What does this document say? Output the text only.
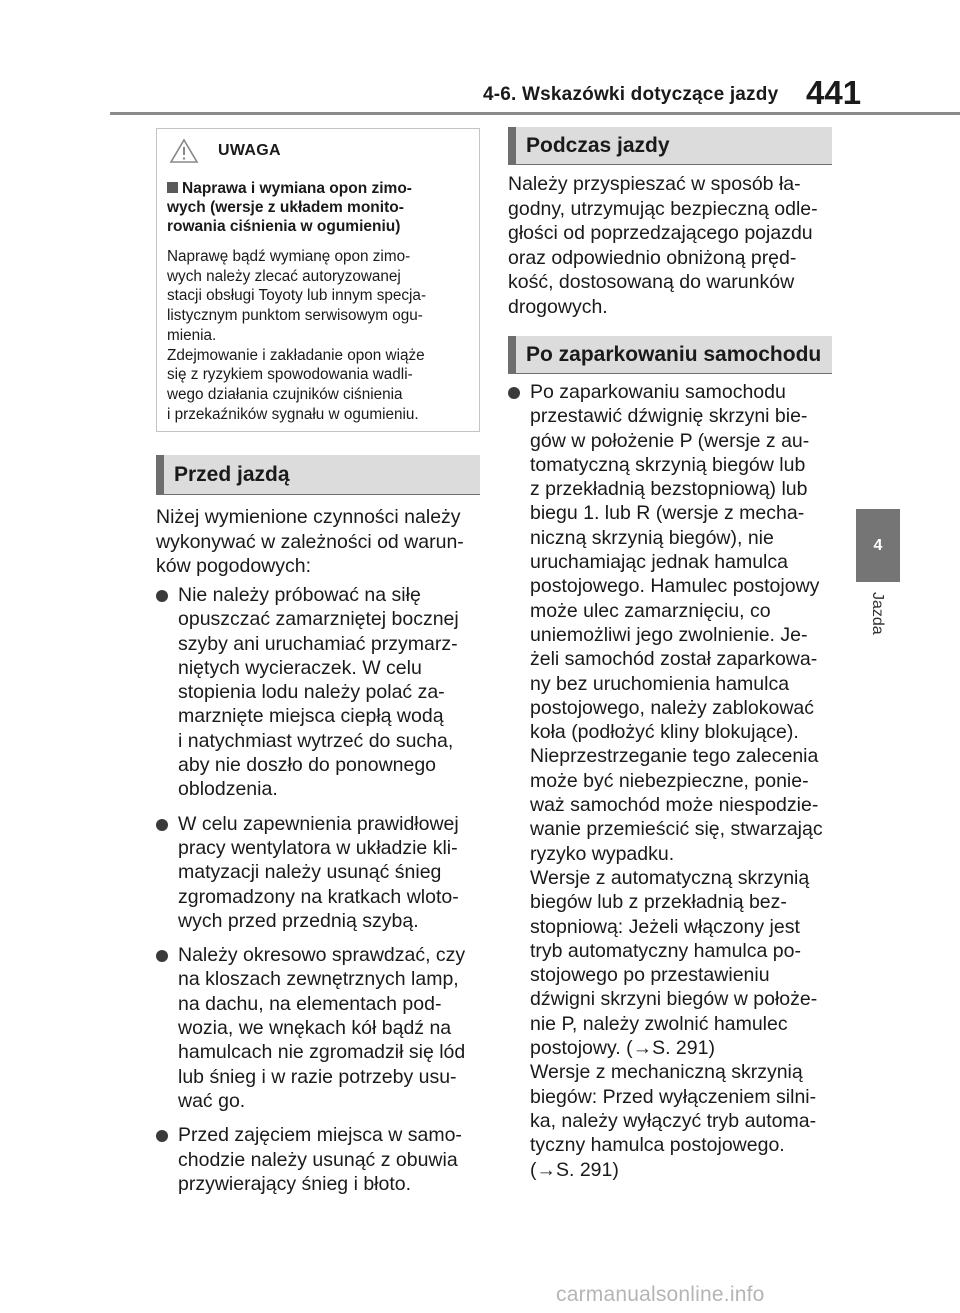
4-6. Wskazówki dotyczące jazdy 441
4
Jazda
UWAGA
Naprawa i wymiana opon zimo-
wych (wersje z układem monito-
rowania ciśnienia w ogumieniu)
Naprawę bądź wymianę opon zimo-
wych należy zlecać autoryzowanej
stacji obsługi Toyoty lub innym specja-
listycznym punktom serwisowym ogu-
mienia.
Zdejmowanie i zakładanie opon wiąże
się z ryzykiem spowodowania wadli-
wego działania czujników ciśnienia
i przekaźników sygnału w ogumieniu.
Przed jazdą
Niżej wymienione czynności należy
wykonywać w zależności od warun-
ków pogodowych:
Nie należy próbować na siłę
opuszczać zamarzniętej bocznej
szyby ani uruchamiać przymarz-
niętych wycieraczek. W celu
stopienia lodu należy polać za-
marznięte miejsca ciepłą wodą
i natychmiast wytrzeć do sucha,
aby nie doszło do ponownego
oblodzenia.
W celu zapewnienia prawidłowej
pracy wentylatora w układzie kli-
matyzacji należy usunąć śnieg
zgromadzony na kratkach wloto-
wych przed przednią szybą.
Należy okresowo sprawdzać, czy
na kloszach zewnętrznych lamp,
na dachu, na elementach pod-
wozia, we wnękach kół bądź na
hamulcach nie zgromadził się lód
lub śnieg i w razie potrzeby usu-
wać go.
Przed zajęciem miejsca w samo-
chodzie należy usunąć z obuwia
przywierający śnieg i błoto.
Podczas jazdy
Należy przyspieszać w sposób ła-
godny, utrzymując bezpieczną odle-
głości od poprzedzającego pojazdu
oraz odpowiednio obniżoną pręd-
kość, dostosowaną do warunków
drogowych.
Po zaparkowaniu samochodu
Po zaparkowaniu samochodu
przestawić dźwignię skrzyni bie-
gów w położenie P (wersje z au-
tomatyczną skrzynią biegów lub
z przekładnią bezstopniową) lub
biegu 1. lub R (wersje z mecha-
niczną skrzynią biegów), nie
uruchamiając jednak hamulca
postojowego. Hamulec postojowy
może ulec zamarznięciu, co
uniemożliwi jego zwolnienie. Je-
żeli samochód został zaparkowa-
ny bez uruchomienia hamulca
postojowego, należy zablokować
koła (podłożyć kliny blokujące).
Nieprzestrzeganie tego zalecenia
może być niebezpieczne, ponie-
waż samochód może niespodzie-
wanie przemieścić się, stwarzając
ryzyko wypadku.
Wersje z automatyczną skrzynią
biegów lub z przekładnią bez-
stopniową: Jeżeli włączony jest
tryb automatyczny hamulca po-
stojowego po przestawieniu
dźwigni skrzyni biegów w położe-
nie P, należy zwolnić hamulec
postojowy. (→S. 291)
Wersje z mechaniczną skrzynią
biegów: Przed wyłączeniem silni-
ka, należy wyłączyć tryb automa-
tyczny hamulca postojowego.
(→S. 291)
carmanualsonline.info
